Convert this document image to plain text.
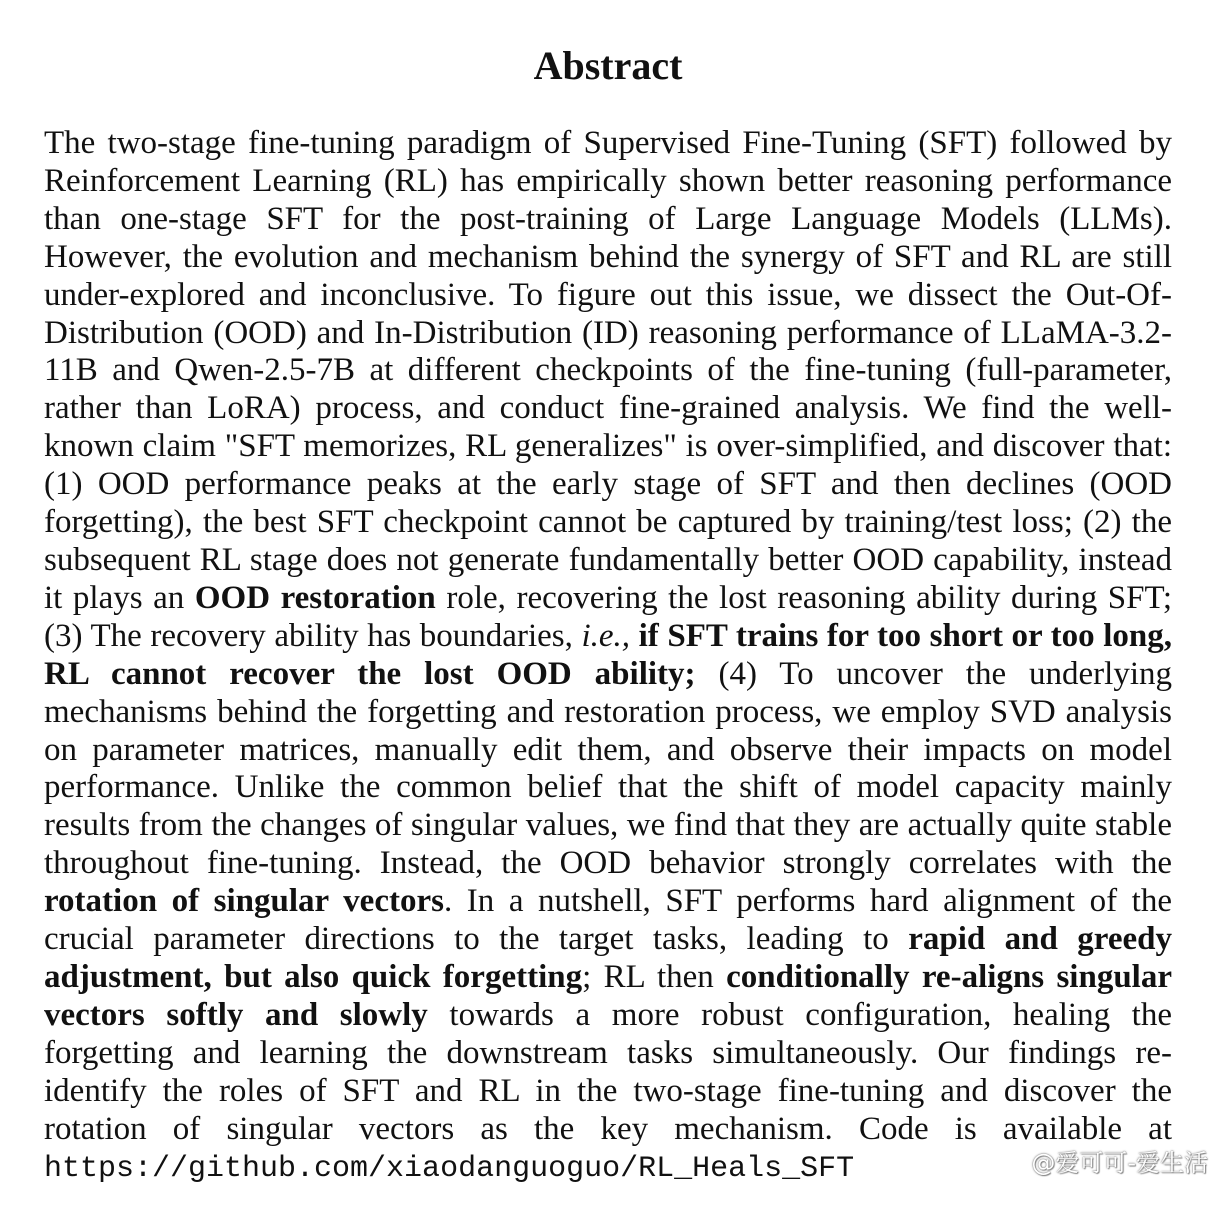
Abstract

The two-stage fine-tuning paradigm of Supervised Fine-Tuning (SFT) followed by Reinforcement Learning (RL) has empirically shown better reasoning performance than one-stage SFT for the post-training of Large Language Models (LLMs). However, the evolution and mechanism behind the synergy of SFT and RL are still under-explored and inconclusive. To figure out this issue, we dissect the Out-Of-Distribution (OOD) and In-Distribution (ID) reasoning performance of LLaMA-3.2-11B and Qwen-2.5-7B at different checkpoints of the fine-tuning (full-parameter, rather than LoRA) process, and conduct fine-grained analysis. We find the well-known claim "SFT memorizes, RL generalizes" is over-simplified, and discover that: (1) OOD performance peaks at the early stage of SFT and then declines (OOD forgetting), the best SFT checkpoint cannot be captured by training/test loss; (2) the subsequent RL stage does not generate fundamentally better OOD capability, instead it plays an OOD restoration role, recovering the lost reasoning ability during SFT; (3) The recovery ability has boundaries, i.e., if SFT trains for too short or too long, RL cannot recover the lost OOD ability; (4) To uncover the underlying mechanisms behind the forgetting and restoration process, we employ SVD analysis on parameter matrices, manually edit them, and observe their impacts on model performance. Unlike the common belief that the shift of model capacity mainly results from the changes of singular values, we find that they are actually quite stable throughout fine-tuning. Instead, the OOD behavior strongly correlates with the rotation of singular vectors. In a nutshell, SFT performs hard alignment of the crucial parameter directions to the target tasks, leading to rapid and greedy adjustment, but also quick forgetting; RL then conditionally re-aligns singular vectors softly and slowly towards a more robust configuration, healing the forgetting and learning the downstream tasks simultaneously. Our findings re-identify the roles of SFT and RL in the two-stage fine-tuning and discover the rotation of singular vectors as the key mechanism. Code is available at https://github.com/xiaodanguoguo/RL_Heals_SFT	@爱可可-爱生活
